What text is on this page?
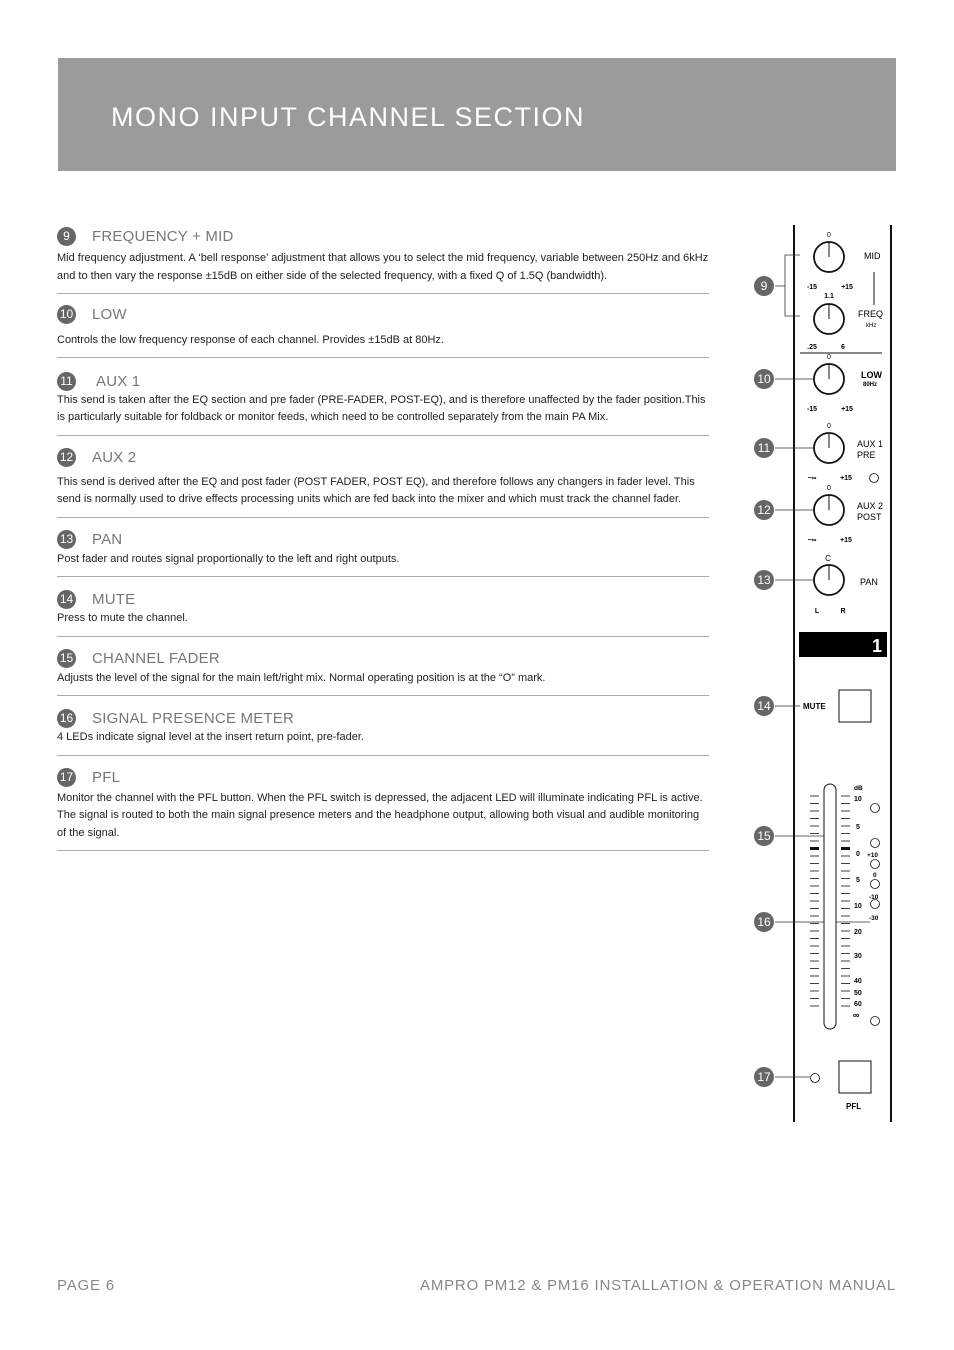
MONO INPUT CHANNEL SECTION
9	FREQUENCY + MID
Mid frequency adjustment. A ‘bell response’ adjustment that allows you to select the mid frequency, variable between 250Hz and 6kHz and to then vary the response ±15dB on either side of the selected frequency, with a fixed Q of 1.5Q (bandwidth).
10 LOW
Controls the low frequency response of each channel. Provides ±15dB at 80Hz.
11 AUX 1
This send is taken after the EQ section and pre fader (PRE-FADER, POST-EQ), and is therefore unaffected by the fader position.This is particularly suitable for foldback or monitor feeds, which need to be controlled separately from the main PA Mix.
12 AUX 2
This send is derived after the EQ and post fader (POST FADER, POST EQ), and therefore follows any changers in fader level. This send is normally used to drive effects processing units which are fed back into the mixer and which must track the channel fader.
13 PAN
Post fader and routes signal proportionally to the left and right outputs.
14 MUTE
Press to mute the channel.
15 CHANNEL FADER
Adjusts the level of the signal for the main left/right mix. Normal operating position is at the “O” mark.
16 SIGNAL PRESENCE METER
4 LEDs indicate signal level at the insert return point, pre-fader.
17 PFL
Monitor the channel with the PFL button. When the PFL switch is depressed, the adjacent LED will illuminate indicating PFL is active. The signal is routed to both the main signal presence meters and the headphone output, allowing both visual and audible monitoring of the signal.
9
10
11
12
13
14
15
16
17
0
-15	+15
MID
1.1
.25	6
FREQ
kHz
0
-15	+15
LOW
80Hz
0
−∞	+15
AUX 1
PRE
0
−∞	+15
AUX 2
POST
C
L	R
PAN
1
MUTE
dB
10
5
0
5
10
20
30
40
50
60
∞
+10
0
-10
-30
PFL
PAGE 6	AMPRO PM12 & PM16 INSTALLATION & OPERATION MANUAL
